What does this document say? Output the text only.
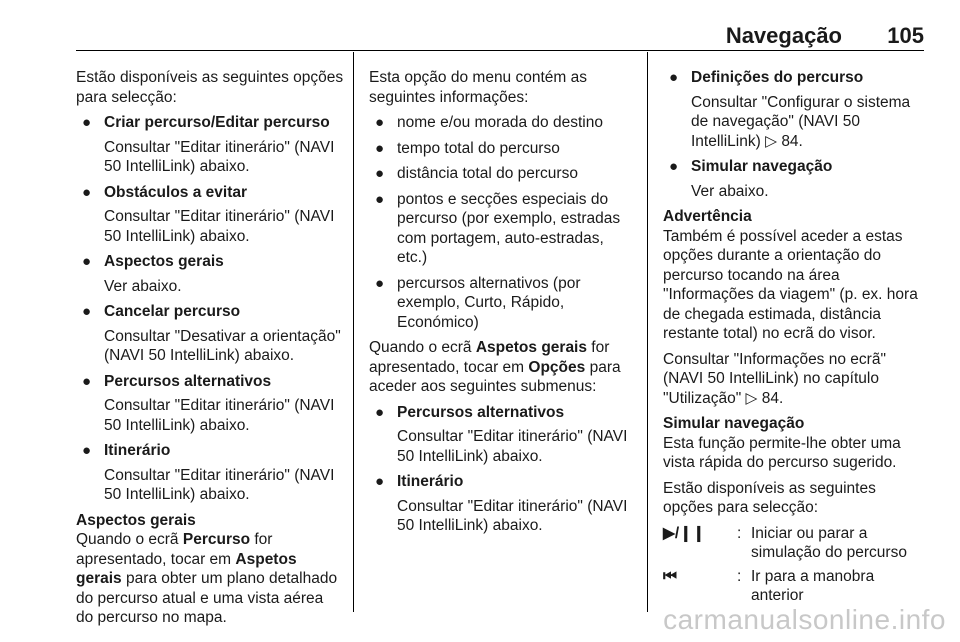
Navegação 105

Estão disponíveis as seguintes opções para selecção:

● Criar percurso/Editar percurso
Consultar "Editar itinerário" (NAVI 50 IntelliLink) abaixo.
● Obstáculos a evitar
Consultar "Editar itinerário" (NAVI 50 IntelliLink) abaixo.
● Aspectos gerais
Ver abaixo.
● Cancelar percurso
Consultar "Desativar a orientação" (NAVI 50 IntelliLink) abaixo.
● Percursos alternativos
Consultar "Editar itinerário" (NAVI 50 IntelliLink) abaixo.
● Itinerário
Consultar "Editar itinerário" (NAVI 50 IntelliLink) abaixo.
Aspectos gerais

Quando o ecrã Percurso for apresentado, tocar em Aspetos gerais para obter um plano detalhado do percurso atual e uma vista aérea do percurso no mapa.

Esta opção do menu contém as seguintes informações:

● nome e/ou morada do destino
● tempo total do percurso
● distância total do percurso
● pontos e secções especiais do percurso (por exemplo, estradas com portagem, auto-estradas, etc.)
● percursos alternativos (por exemplo, Curto, Rápido, Económico)

Quando o ecrã Aspetos gerais for apresentado, tocar em Opções para aceder aos seguintes submenus:

● Percursos alternativos
Consultar "Editar itinerário" (NAVI 50 IntelliLink) abaixo.
● Itinerário
Consultar "Editar itinerário" (NAVI 50 IntelliLink) abaixo.
● Definições do percurso
Consultar "Configurar o sistema de navegação" (NAVI 50 IntelliLink) ▷ 84.
● Simular navegação
Ver abaixo.
Advertência

Também é possível aceder a estas opções durante a orientação do percurso tocando na área "Informações da viagem" (p. ex. hora de chegada estimada, distância restante total) no ecrã do visor.

Consultar "Informações no ecrã" (NAVI 50 IntelliLink) no capítulo "Utilização" ▷ 84.

Simular navegação

Esta função permite-lhe obter uma vista rápida do percurso sugerido.

Estão disponíveis as seguintes opções para selecção:

▶/❙❙ : Iniciar ou parar a simulação do percurso
⏮	: Ir para a manobra anterior
carmanualsonline.info
